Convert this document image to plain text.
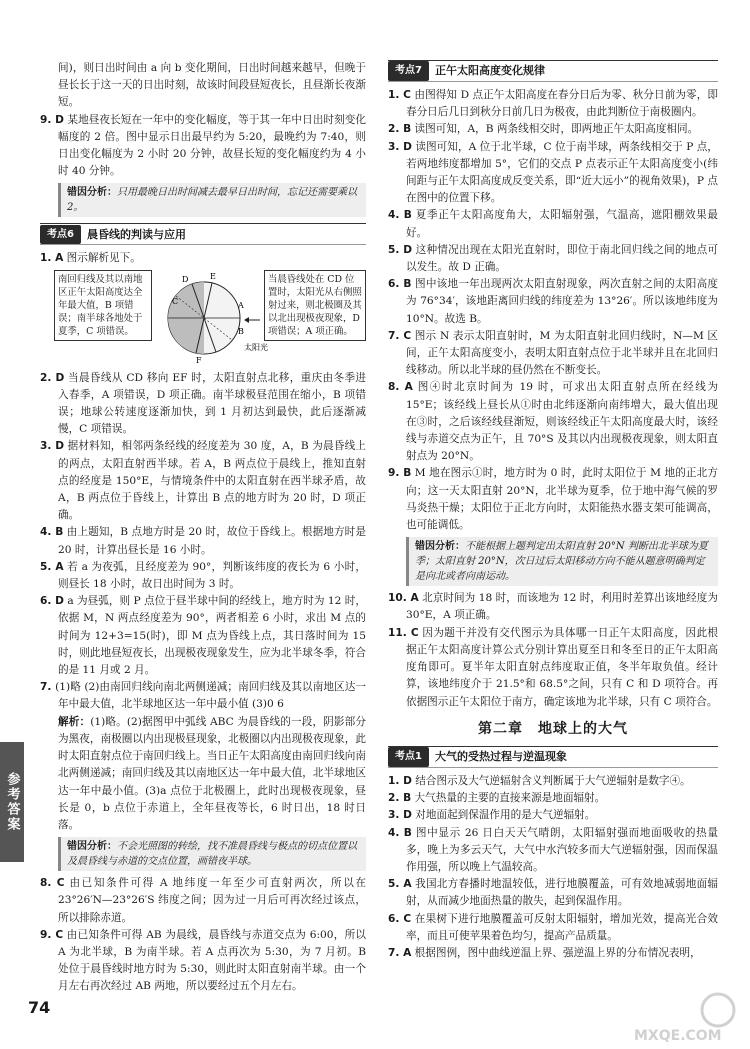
间)，则日出时间由 a 向 b 变化期间，日出时间越来越早，但晚于昼长长于这一天的日出时刻，故该时间段昼短夜长，且昼渐长夜渐短。

9. D 某地昼夜长短在一年中的变化幅度，等于其一年中日出时刻变化幅度的 2 倍。图中显示日出最早约为 5:20，最晚约为 7:40，则日出变化幅度为 2 小时 20 分钟，故昼长短的变化幅度约为 4 小时 40 分钟。

错因分析：只用最晚日出时间减去最早日出时间，忘记还需要乘以 2。
考点6	晨昏线的判读与应用

1. A 图示解析见下。

南回归线及其以南地区正午太阳高度达全年最大值，B 项错误；南半球各地处于夏季，C 项错误。
E
D
C	A
B
F
太阳光
当晨昏线处在 CD 位置时，太阳光从右侧照射过来，则北极圈及其以北出现极夜现象，D 项错误；A 项正确。

2. D 当晨昏线从 CD 移向 EF 时，太阳直射点北移，重庆由冬季进入春季，A 项错误，D 项正确。南半球极昼范围在缩小，B 项错误；地球公转速度逐渐加快，到 1 月初达到最快，此后逐渐减慢，C 项错误。

3. D 据材料知，相邻两条经线的经度差为 30 度，A，B 为晨昏线上的两点，太阳直射西半球。若 A，B 两点位于晨线上，推知直射点的经度是 150°E，与情境条件中的太阳直射在西半球矛盾，故 A，B 两点位于昏线上，计算出 B 点的地方时为 20 时，D 项正确。

4. B 由上题知，B 点地方时是 20 时，故位于昏线上。根据地方时是 20 时，计算出昼长是 16 小时。

5. A 若 a 为夜弧，且经度差为 90°，判断该纬度的夜长为 6 小时，则昼长 18 小时，故日出时间为 3 时。

6. D a 为昼弧，则 P 点位于昼半球中间的经线上，地方时为 12 时，依据 M，N 两点经度差为 90°，两者相差 6 小时，求出 M 点的时间为 12+3=15(时)，即 M 点为昏线上点，其日落时间为 15 时，则此地昼短夜长，出现极夜现象发生，应为北半球冬季，符合的是 11 月或 2 月。

7. (1)略 (2)由南回归线向南北两侧递减；南回归线及其以南地区达一年中最大值，北半球地区达一年中最小值 (3)0 6

解析：(1)略。(2)据图甲中弧线 ABC 为晨昏线的一段，阴影部分为黑夜，南极圈以内出现极昼现象，北极圈以内出现极夜现象，此时太阳直射点位于南回归线上。当日正午太阳高度由南回归线向南北两侧递减；南回归线及其以南地区达一年中最大值，北半球地区达一年中最小值。(3)a 点位于北极圈上，此时出现极夜现象，昼长是 0，b 点位于赤道上，全年昼夜等长，6 时日出，18 时日落。

错因分析：不会光照图的转绘，找不准晨昏线与极点的切点位置以及晨昏线与赤道的交点位置，画错夜半球。

8. C 由已知条件可得 A 地纬度一年至少可直射两次，所以在 23°26′N—23°26′S 纬度之间；因为过一月后可再次经过该点，所以排除赤道。

9. C 由已知条件可得 AB 为晨线，晨昏线与赤道交点为 6:00，所以 A 为北半球，B 为南半球。若 A 点再次为 5:30，为 7 月初。B 处位于晨昏线时地方时为 5:30，则此时太阳直射南半球。由一个月左右再次经过 AB 两地，所以要经过五个月左右。

考点7	正午太阳高度变化规律

1. C 由图得知 D 点正午太阳高度在春分日后为零、秋分日前为零，即春分日后几日到秋分日前几日为极夜，由此判断位于南极圈内。

2. B 读图可知，A，B 两条线相交时，即两地正午太阳高度相同。

3. D 读图可知，A 位于北半球，C 位于南半球，两条线相交于 P 点，若两地纬度都增加 5°，它们的交点 P 点表示正午太阳高度变小(纬间距与正午太阳高度成反变关系，即“近大远小”的视角效果)，P 点在图中的位置下移。

4. B 夏季正午太阳高度角大，太阳辐射强，气温高，遮阳棚效果最好。

5. D 这种情况出现在太阳光直射时，即位于南北回归线之间的地点可以发生。故 D 正确。

6. B 图中该地一年出现两次太阳直射现象，两次直射之间的太阳高度为 76°34′，该地距离回归线的纬度差为 13°26′。所以该地纬度为 10°N。故选 B。

7. C 图示 N 表示太阳直射时，M 为太阳直射北回归线时，N—M 区间，正午太阳高度变小，表明太阳直射点位于北半球并且在北回归线移动。所以北半球的昼仍然在不断变长。

8. A 图④时北京时间为 19 时，可求出太阳直射点所在经线为 15°E；该经线上昼长从①时由北纬逐渐向南纬增大，最大值出现在③时，之后该经线昼渐短，则该经线正午太阳高度最大时，该经线与赤道交点为正午，且 70°S 及其以内出现极夜现象，则太阳直射点为 20°N。

9. B M 地在图示①时，地方时为 0 时，此时太阳位于 M 地的正北方向；这一天太阳直射 20°N，北半球为夏季，位于地中海气候的罗马炎热干燥；太阳位于正北方向时，太阳能热水器支架可能调高，也可能调低。

错因分析：不能根据上题判定出太阳直射 20°N 判断出北半球为夏季；太阳直射 20°N，次日过后太阳移动方向不能从题意明确判定是向北或者向南运动。

10. A 北京时间为 18 时，而该地为 12 时，利用时差算出该地经度为 30°E，A 项正确。

11. C 因为题干并没有交代图示为具体哪一日正午太阳高度，因此根据正午太阳高度计算公式分别计算出夏至日和冬至日的正午太阳高度角即可。夏半年太阳直射点纬度取正值，冬半年取负值。经计算，该地纬度介于 21.5°和 68.5°之间，只有 C 和 D 项符合。再依据图示正午太阳位于南方，确定该地为北半球，只有 C 项符合。

第二章　地球上的大气
考点1	大气的受热过程与逆温现象

1. D 结合图示及大气逆辐射含义判断属于大气逆辐射是数字④。

2. B 大气热量的主要的直接来源是地面辐射。

3. D 对地面起到保温作用的是大气逆辐射。

4. B 图中显示 26 日白天天气晴朗，太阳辐射强而地面吸收的热量多，晚上为多云天气，大气中水汽较多而大气逆辐射强，因而保温作用强，所以晚上气温较高。

5. A 我国北方春播时地温较低，进行地膜覆盖，可有效地减弱地面辐射，从而减少地面热量的散失，起到保温作用。

6. C 在果树下进行地膜覆盖可反射太阳辐射，增加光效，提高光合效率，而且可使苹果着色均匀，提高产品质量。

7. A 根据图例，图中曲线逆温上界、强逆温上界的分布情况表明，

参考答案
74
MXQE.COM
